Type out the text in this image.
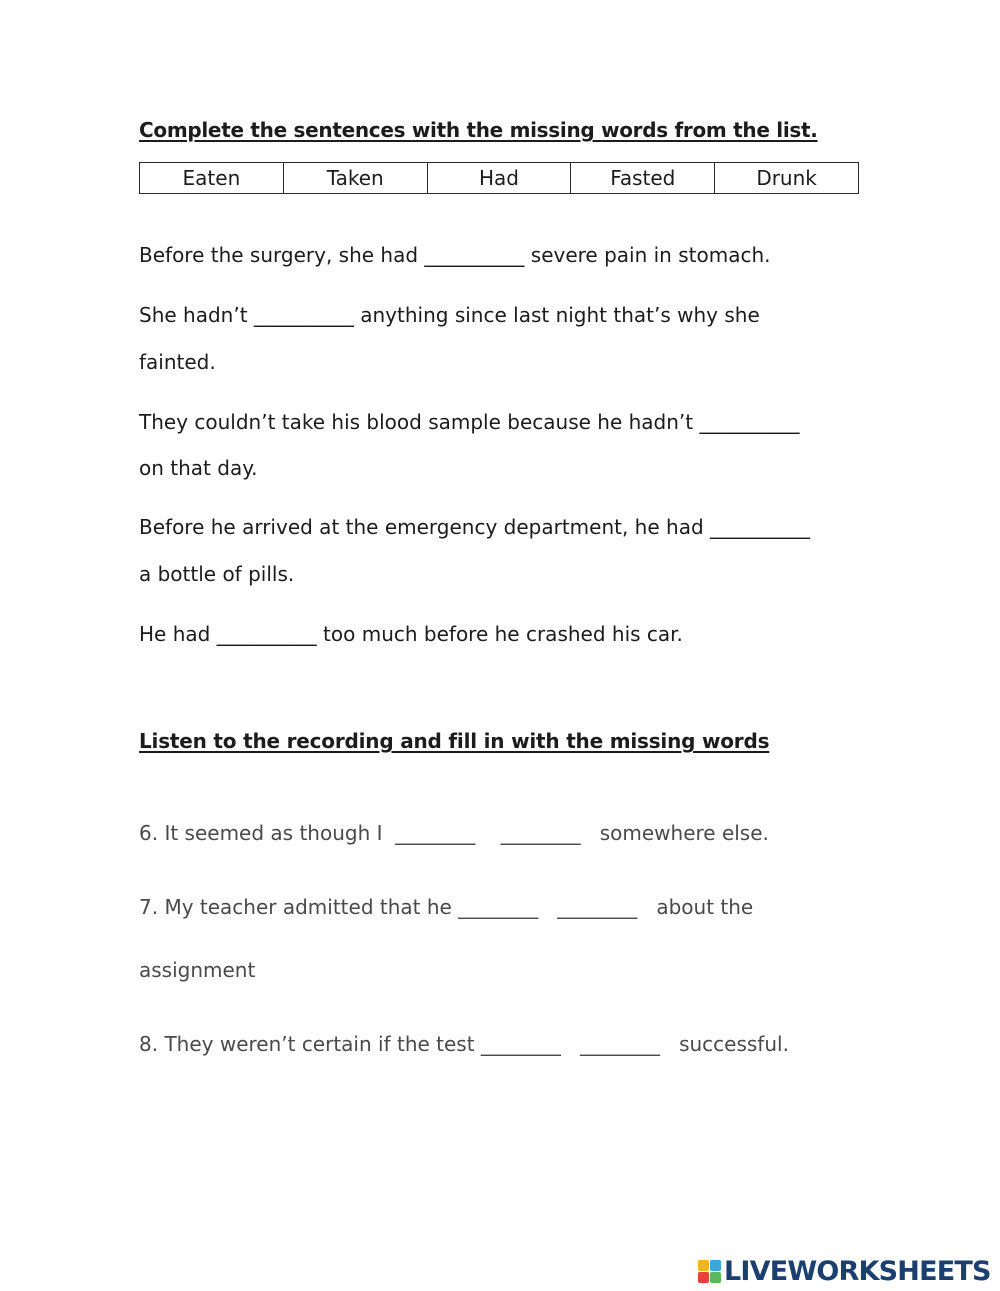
Complete the sentences with the missing words from the list.
Eaten	Taken	Had	Fasted	Drunk
Before the surgery, she had __________ severe pain in stomach.
She hadn’t __________ anything since last night that’s why she
fainted.
They couldn’t take his blood sample because he hadn’t __________
on that day.
Before he arrived at the emergency department, he had __________
a bottle of pills.
He had __________ too much before he crashed his car.
Listen to the recording and fill in with the missing words
6. It seemed as though I  ________    ________   somewhere else.
7. My teacher admitted that he ________   ________   about the
assignment
8. They weren’t certain if the test ________   ________   successful.
LIVEWORKSHEETS
